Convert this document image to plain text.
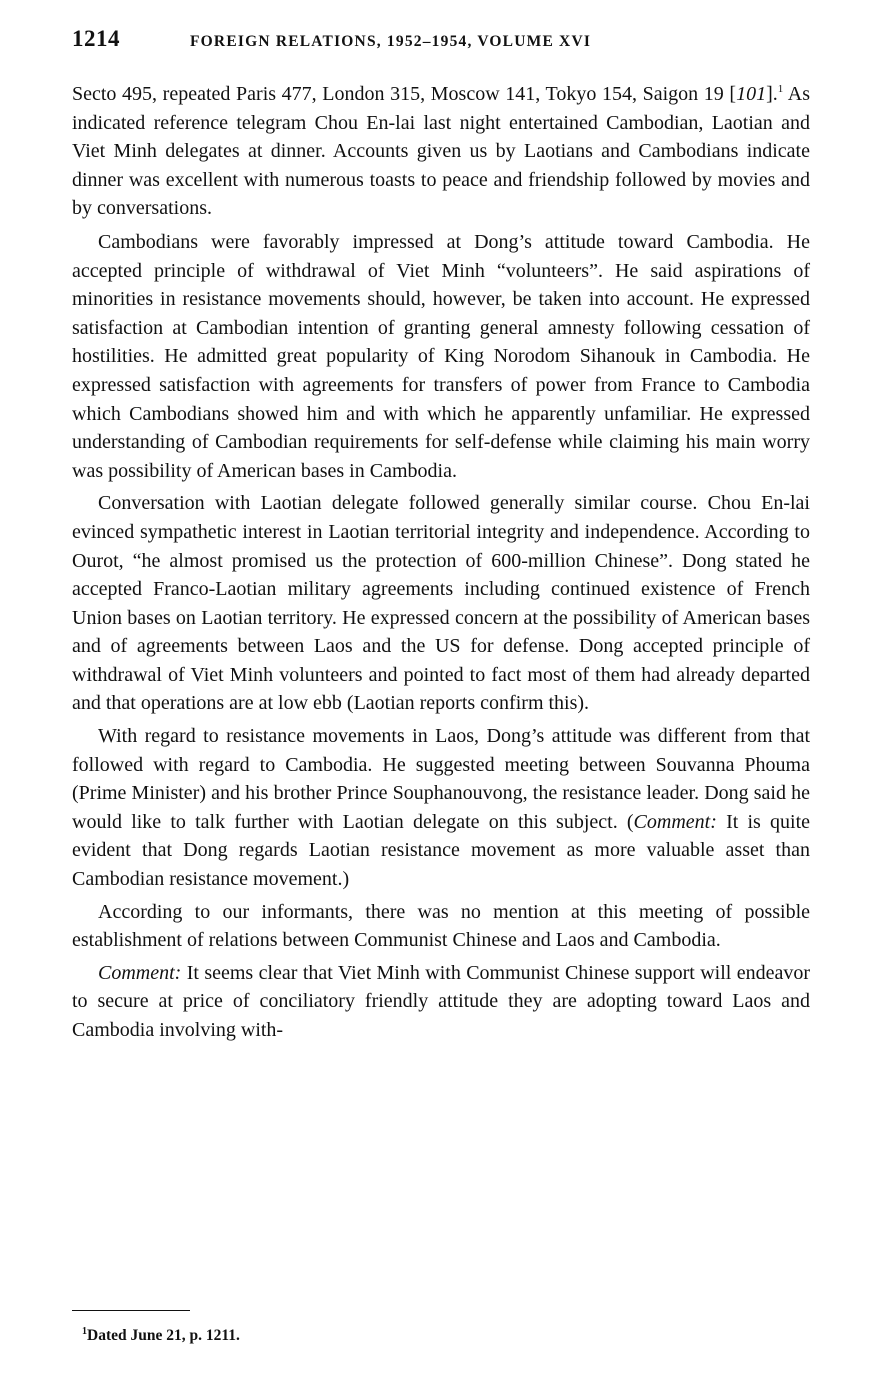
1214	FOREIGN RELATIONS, 1952–1954, VOLUME XVI

Secto 495, repeated Paris 477, London 315, Moscow 141, Tokyo 154, Saigon 19 [101].$^1$ As indicated reference telegram Chou En-lai last night entertained Cambodian, Laotian and Viet Minh delegates at dinner. Accounts given us by Laotians and Cambodians indicate dinner was excellent with numerous toasts to peace and friendship followed by movies and by conversations.

Cambodians were favorably impressed at Dong’s attitude toward Cambodia. He accepted principle of withdrawal of Viet Minh “volunteers”. He said aspirations of minorities in resistance movements should, however, be taken into account. He expressed satisfaction at Cambodian intention of granting general amnesty following cessation of hostilities. He admitted great popularity of King Norodom Sihanouk in Cambodia. He expressed satisfaction with agreements for transfers of power from France to Cambodia which Cambodians showed him and with which he apparently unfamiliar. He expressed understanding of Cambodian requirements for self-defense while claiming his main worry was possibility of American bases in Cambodia.

Conversation with Laotian delegate followed generally similar course. Chou En-lai evinced sympathetic interest in Laotian territorial integrity and independence. According to Ourot, “he almost promised us the protection of 600-million Chinese”. Dong stated he accepted Franco-Laotian military agreements including continued existence of French Union bases on Laotian territory. He expressed concern at the possibility of American bases and of agreements between Laos and the US for defense. Dong accepted principle of withdrawal of Viet Minh volunteers and pointed to fact most of them had already departed and that operations are at low ebb (Laotian reports confirm this).

With regard to resistance movements in Laos, Dong’s attitude was different from that followed with regard to Cambodia. He suggested meeting between Souvanna Phouma (Prime Minister) and his brother Prince Souphanouvong, the resistance leader. Dong said he would like to talk further with Laotian delegate on this subject. (Comment: It is quite evident that Dong regards Laotian resistance movement as more valuable asset than Cambodian resistance movement.)

According to our informants, there was no mention at this meeting of possible establishment of relations between Communist Chinese and Laos and Cambodia.

Comment: It seems clear that Viet Minh with Communist Chinese support will endeavor to secure at price of conciliatory friendly attitude they are adopting toward Laos and Cambodia involving with-

$^1$Dated June 21, p. 1211.
